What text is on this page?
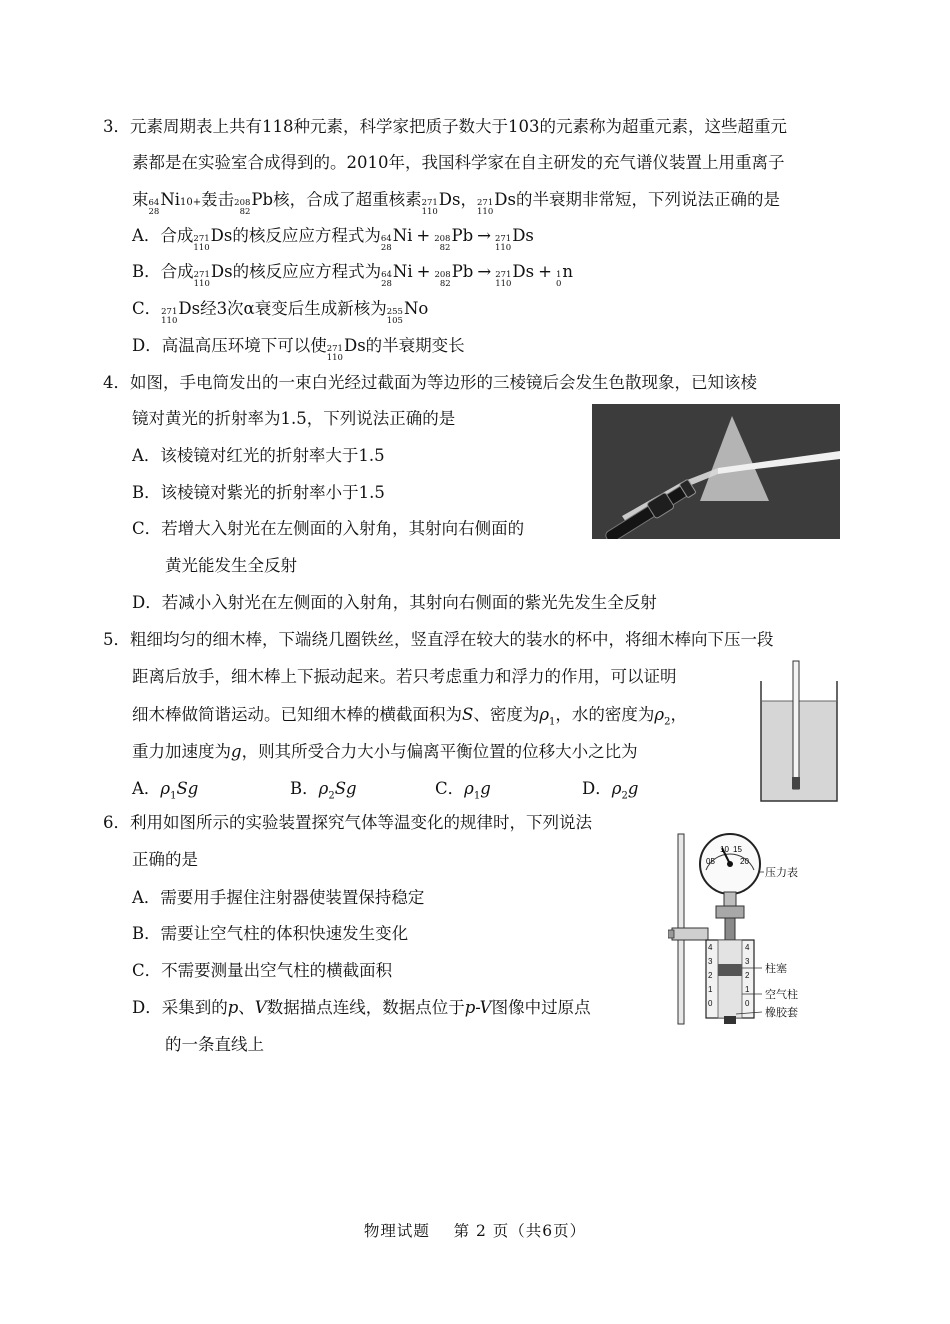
3．元素周期表上共有118种元素，科学家把质子数大于103的元素称为超重元素，这些超重元
素都是在实验室合成得到的。2010年，我国科学家在自主研发的充气谱仪装置上用重离子
束 64
28
Ni 10+ 轰击 208
82
Pb 核，合成了超重核素 271
110
Ds ， 271
110
Ds 的半衰期非常短，下列说法正确的是
A．合成 271
110
Ds 的核反应应方程式为 64
28
Ni + 208
82
Pb → 271
110
Ds
B．合成 271
110
Ds 的核反应应方程式为 64
28
Ni + 208
82
Pb → 271
110
Ds + 1
0
n
C． 271
110
Ds 经3次α衰变后生成新核为 255
105
No
D．高温高压环境下可以使 271
110
Ds 的半衰期变长
4．如图，手电筒发出的一束白光经过截面为等边形的三棱镜后会发生色散现象，已知该棱
镜对黄光的折射率为1.5，下列说法正确的是
A．该棱镜对红光的折射率大于1.5
B．该棱镜对紫光的折射率小于1.5
C．若增大入射光在左侧面的入射角，其射向右侧面的
黄光能发生全反射
D．若减小入射光在左侧面的入射角，其射向右侧面的紫光先发生全反射
5．粗细均匀的细木棒，下端绕几圈铁丝，竖直浮在较大的装水的杯中，将细木棒向下压一段
距离后放手，细木棒上下振动起来。若只考虑重力和浮力的作用，可以证明
细木棒做简谐运动。已知细木棒的横截面积为S、密度为$\rho_1$，水的密度为$\rho_2$，
重力加速度为g，则其所受合力大小与偏离平衡位置的位移大小之比为
A．$\rho_1Sg$	B．$\rho_2Sg$	C．$\rho_1g$	D．$\rho_2g$
6．利用如图所示的实验装置探究气体等温变化的规律时，下列说法
正确的是
A．需要用手握住注射器使装置保持稳定
B．需要让空气柱的体积快速发生变化
C．不需要测量出空气柱的横截面积
D．采集到的p、V数据描点连线，数据点位于p-V图像中过原点
的一条直线上
05
10 15
20
4
3
2
1
0
4
3
2
1
0
压力表
柱塞
空气柱
橡胶套
物理试题 第 2 页（共6页）
